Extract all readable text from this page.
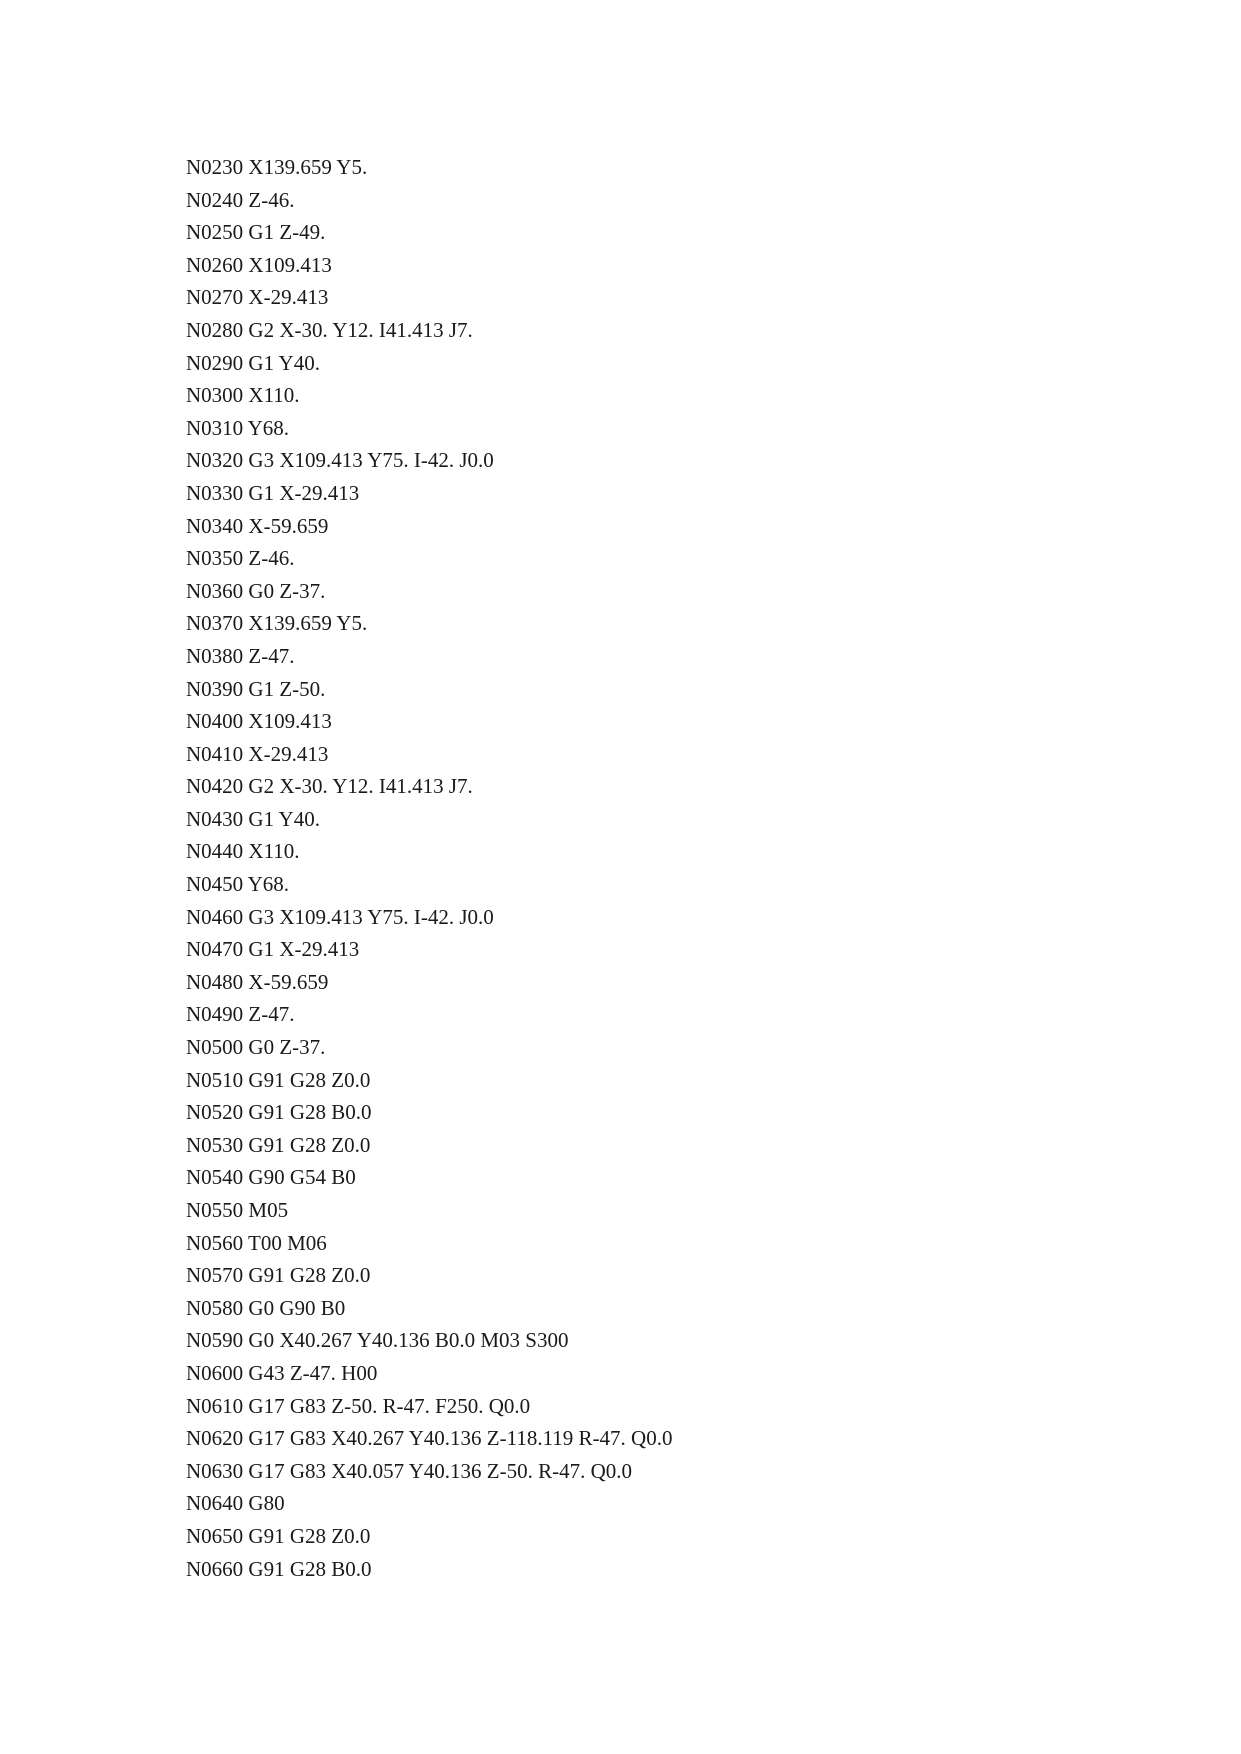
N0230 X139.659 Y5.
N0240 Z-46.
N0250 G1 Z-49.
N0260 X109.413
N0270 X-29.413
N0280 G2 X-30. Y12. I41.413 J7.
N0290 G1 Y40.
N0300 X110.
N0310 Y68.
N0320 G3 X109.413 Y75. I-42. J0.0
N0330 G1 X-29.413
N0340 X-59.659
N0350 Z-46.
N0360 G0 Z-37.
N0370 X139.659 Y5.
N0380 Z-47.
N0390 G1 Z-50.
N0400 X109.413
N0410 X-29.413
N0420 G2 X-30. Y12. I41.413 J7.
N0430 G1 Y40.
N0440 X110.
N0450 Y68.
N0460 G3 X109.413 Y75. I-42. J0.0
N0470 G1 X-29.413
N0480 X-59.659
N0490 Z-47.
N0500 G0 Z-37.
N0510 G91 G28 Z0.0
N0520 G91 G28 B0.0
N0530 G91 G28 Z0.0
N0540 G90 G54 B0
N0550 M05
N0560 T00 M06
N0570 G91 G28 Z0.0
N0580 G0 G90 B0
N0590 G0 X40.267 Y40.136 B0.0 M03 S300
N0600 G43 Z-47. H00
N0610 G17 G83 Z-50. R-47. F250. Q0.0
N0620 G17 G83 X40.267 Y40.136 Z-118.119 R-47. Q0.0
N0630 G17 G83 X40.057 Y40.136 Z-50. R-47. Q0.0
N0640 G80
N0650 G91 G28 Z0.0
N0660 G91 G28 B0.0
